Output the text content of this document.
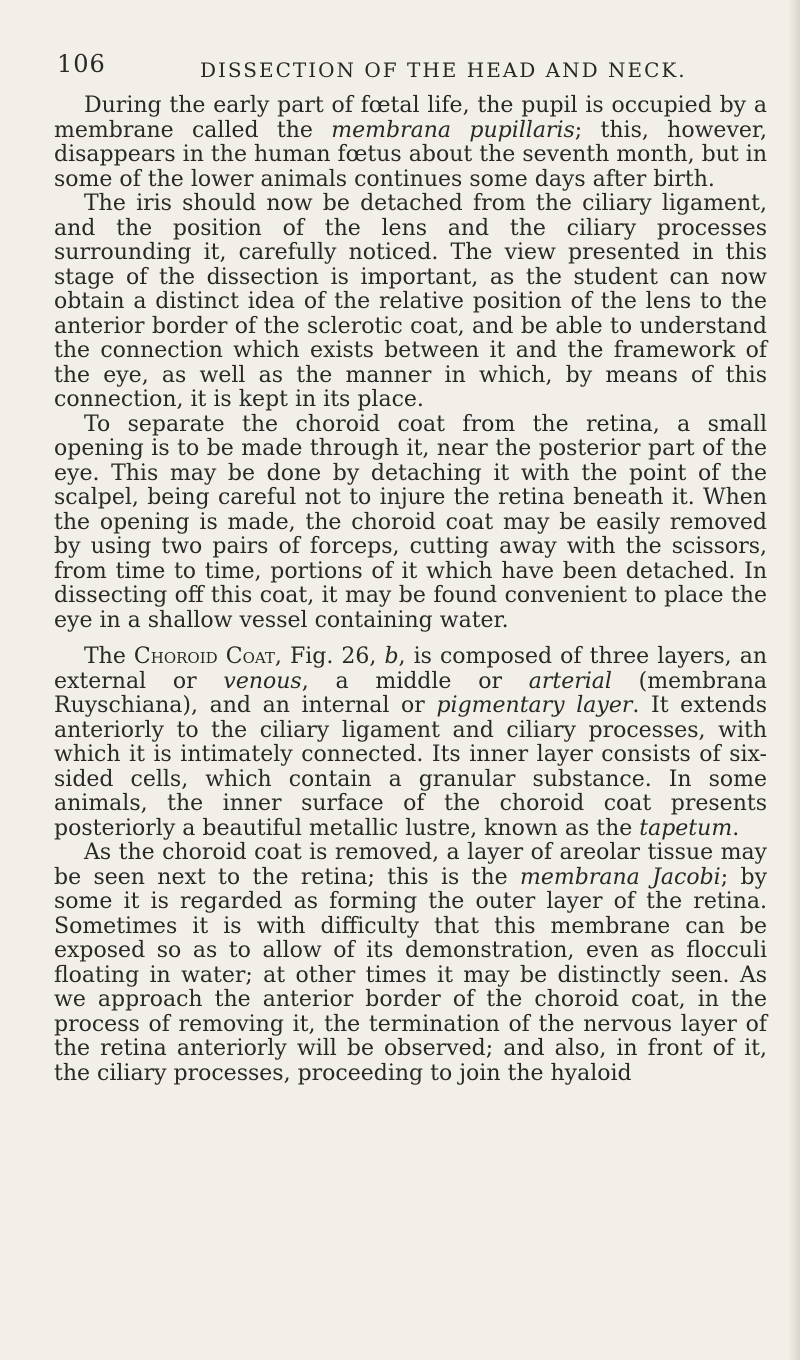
106	DISSECTION OF THE HEAD AND NECK.

During the early part of fœtal life, the pupil is occupied by a membrane called the membrana pupillaris; this, however, disappears in the human fœtus about the seventh month, but in some of the lower animals continues some days after birth.

The iris should now be detached from the ciliary ligament, and the position of the lens and the ciliary processes surrounding it, carefully noticed. The view presented in this stage of the dissection is important, as the student can now obtain a distinct idea of the relative position of the lens to the anterior border of the sclerotic coat, and be able to understand the connection which exists between it and the framework of the eye, as well as the manner in which, by means of this connection, it is kept in its place.

To separate the choroid coat from the retina, a small opening is to be made through it, near the posterior part of the eye. This may be done by detaching it with the point of the scalpel, being careful not to injure the retina beneath it. When the opening is made, the choroid coat may be easily removed by using two pairs of forceps, cutting away with the scissors, from time to time, portions of it which have been detached. In dissecting off this coat, it may be found convenient to place the eye in a shallow vessel containing water.

The Choroid Coat, Fig. 26, b, is composed of three layers, an external or venous, a middle or arterial (membrana Ruyschiana), and an internal or pigmentary layer. It extends anteriorly to the ciliary ligament and ciliary processes, with which it is intimately connected. Its inner layer consists of six-sided cells, which contain a granular substance. In some animals, the inner surface of the choroid coat presents posteriorly a beautiful metallic lustre, known as the tapetum.

As the choroid coat is removed, a layer of areolar tissue may be seen next to the retina; this is the membrana Jacobi; by some it is regarded as forming the outer layer of the retina. Sometimes it is with difficulty that this membrane can be exposed so as to allow of its demonstration, even as flocculi floating in water; at other times it may be distinctly seen. As we approach the anterior border of the choroid coat, in the process of removing it, the termination of the nervous layer of the retina anteriorly will be observed; and also, in front of it, the ciliary processes, proceeding to join the hyaloid
